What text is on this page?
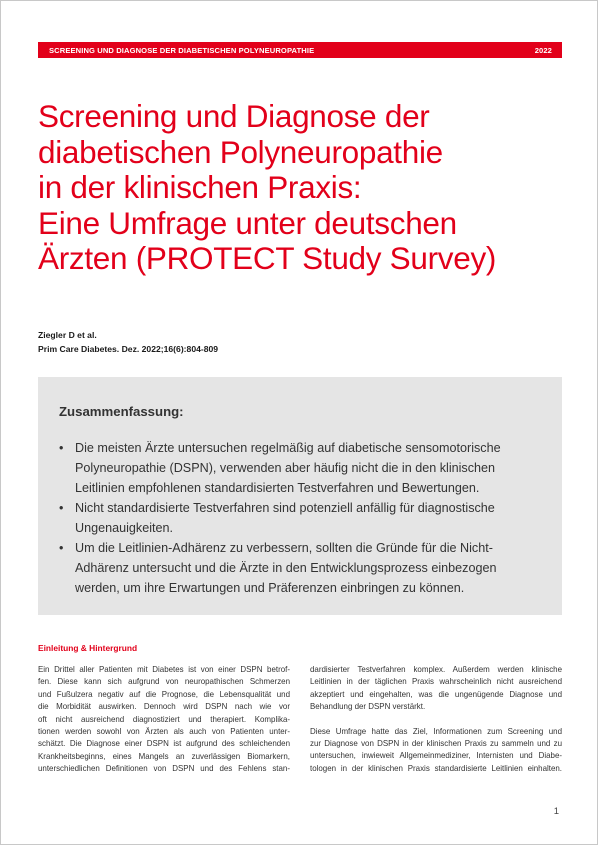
SCREENING UND DIAGNOSE DER DIABETISCHEN POLYNEUROPATHIE	2022
Screening und Diagnose der
diabetischen Polyneuropathie
in der klinischen Praxis:
Eine Umfrage unter deutschen
Ärzten (PROTECT Study Survey)
Ziegler D et al.
Prim Care Diabetes. Dez. 2022;16(6):804-809
Zusammenfassung:
• Die meisten Ärzte untersuchen regelmäßig auf diabetische sensomotorische Polyneuropathie (DSPN), verwenden aber häufig nicht die in den klinischen Leitlinien empfohlenen standardisierten Testverfahren und Bewertungen.
• Nicht standardisierte Testverfahren sind potenziell anfällig für diagnostische Ungenauigkeiten.
• Um die Leitlinien-Adhärenz zu verbessern, sollten die Gründe für die Nicht-Adhärenz untersucht und die Ärzte in den Entwicklungsprozess einbezogen werden, um ihre Erwartungen und Präferenzen einbringen zu können.
Einleitung & Hintergrund

Ein Drittel aller Patienten mit Diabetes ist von einer DSPN betrof-
fen. Diese kann sich aufgrund von neuropathischen Schmerzen
und Fußulzera negativ auf die Prognose, die Lebensqualität und
die Morbidität auswirken. Dennoch wird DSPN nach wie vor
oft nicht ausreichend diagnostiziert und therapiert. Komplika-
tionen werden sowohl von Ärzten als auch von Patienten unter-
schätzt. Die Diagnose einer DSPN ist aufgrund des schleichenden
Krankheitsbeginns, eines Mangels an zuverlässigen Biomarkern,
unterschiedlichen Definitionen von DSPN und des Fehlens stan-

dardisierter Testverfahren komplex. Außerdem werden klinische
Leitlinien in der täglichen Praxis wahrscheinlich nicht ausreichend
akzeptiert und eingehalten, was die ungenügende Diagnose und
Behandlung der DSPN verstärkt.

Diese Umfrage hatte das Ziel, Informationen zum Screening und
zur Diagnose von DSPN in der klinischen Praxis zu sammeln und zu
untersuchen, inwieweit Allgemeinmediziner, Internisten und Diabe-
tologen in der klinischen Praxis standardisierte Leitlinien einhalten.

1
